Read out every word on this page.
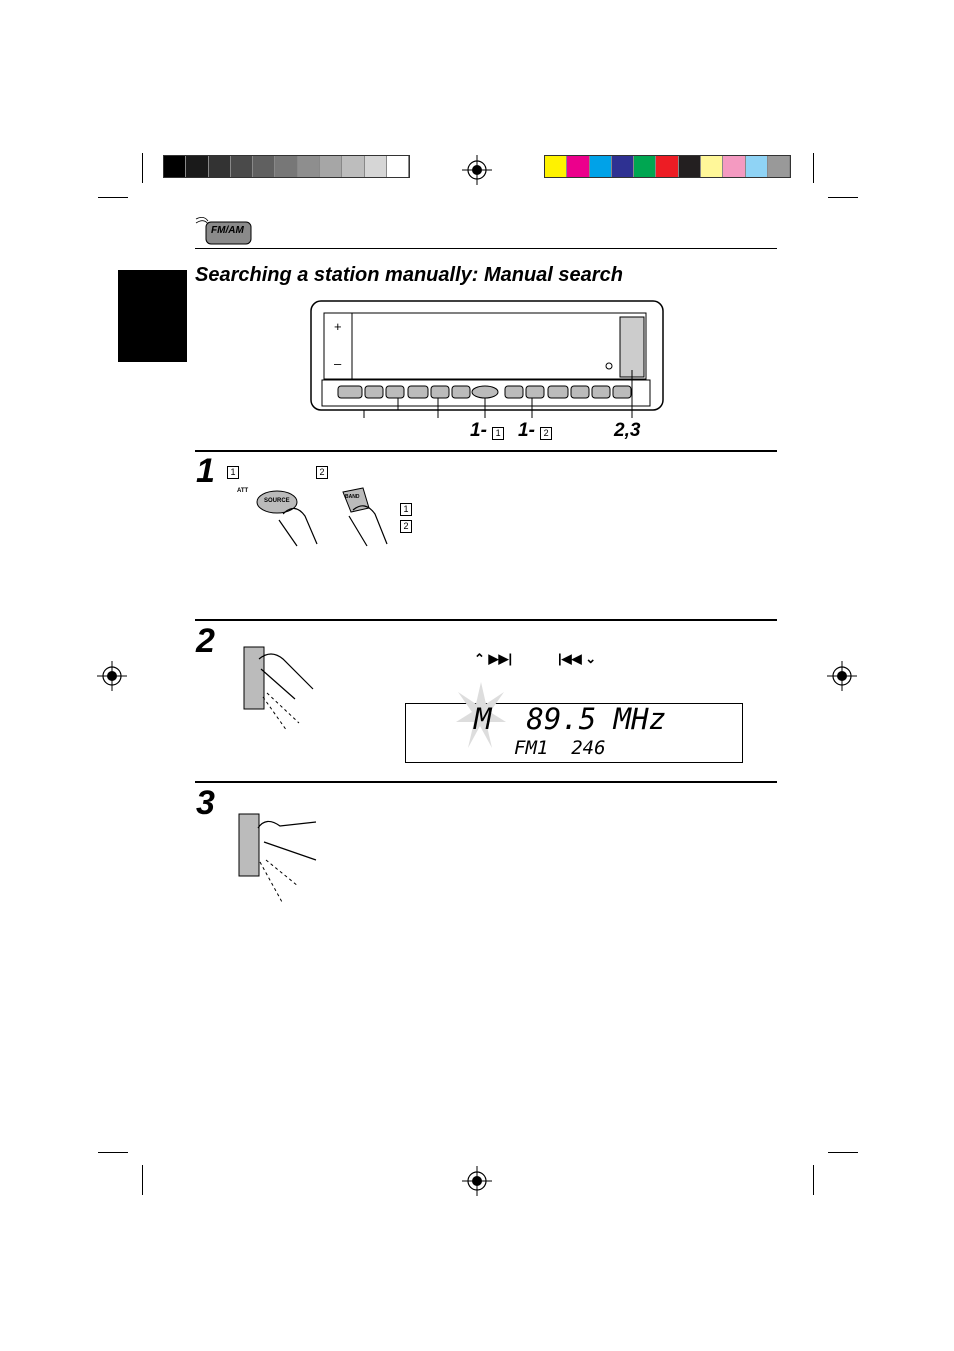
FM/AM
Searching a station manually: Manual search
+
–
1- 1 1- 2	2,3
1	1	2
ATT
SOURCE
BAND
1
2
2	⌃ ▶▶|	|◀◀ ⌄
M  89.5 MHz
FM1  246
3
